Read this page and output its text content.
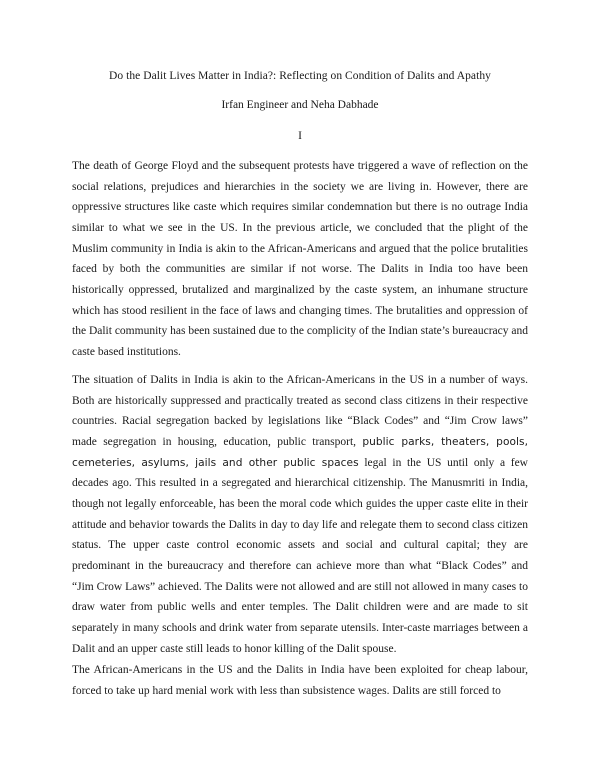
Do the Dalit Lives Matter in India?: Reflecting on Condition of Dalits and Apathy
Irfan Engineer and Neha Dabhade
I

The death of George Floyd and the subsequent protests have triggered a wave of reflection on the social relations, prejudices and hierarchies in the society we are living in. However, there are oppressive structures like caste which requires similar condemnation but there is no outrage India similar to what we see in the US. In the previous article, we concluded that the plight of the Muslim community in India is akin to the African-Americans and argued that the police brutalities faced by both the communities are similar if not worse. The Dalits in India too have been historically oppressed, brutalized and marginalized by the caste system, an inhumane structure which has stood resilient in the face of laws and changing times. The brutalities and oppression of the Dalit community has been sustained due to the complicity of the Indian state’s bureaucracy and caste based institutions.

The situation of Dalits in India is akin to the African-Americans in the US in a number of ways. Both are historically suppressed and practically treated as second class citizens in their respective countries. Racial segregation backed by legislations like “Black Codes” and “Jim Crow laws” made segregation in housing, education, public transport, public parks, theaters, pools, cemeteries, asylums, jails and other public spaces legal in the US until only a few decades ago. This resulted in a segregated and hierarchical citizenship. The Manusmriti in India, though not legally enforceable, has been the moral code which guides the upper caste elite in their attitude and behavior towards the Dalits in day to day life and relegate them to second class citizen status. The upper caste control economic assets and social and cultural capital; they are predominant in the bureaucracy and therefore can achieve more than what “Black Codes” and “Jim Crow Laws” achieved. The Dalits were not allowed and are still not allowed in many cases to draw water from public wells and enter temples. The Dalit children were and are made to sit separately in many schools and drink water from separate utensils. Inter-caste marriages between a Dalit and an upper caste still leads to honor killing of the Dalit spouse.

The African-Americans in the US and the Dalits in India have been exploited for cheap labour, forced to take up hard menial work with less than subsistence wages. Dalits are still forced to
